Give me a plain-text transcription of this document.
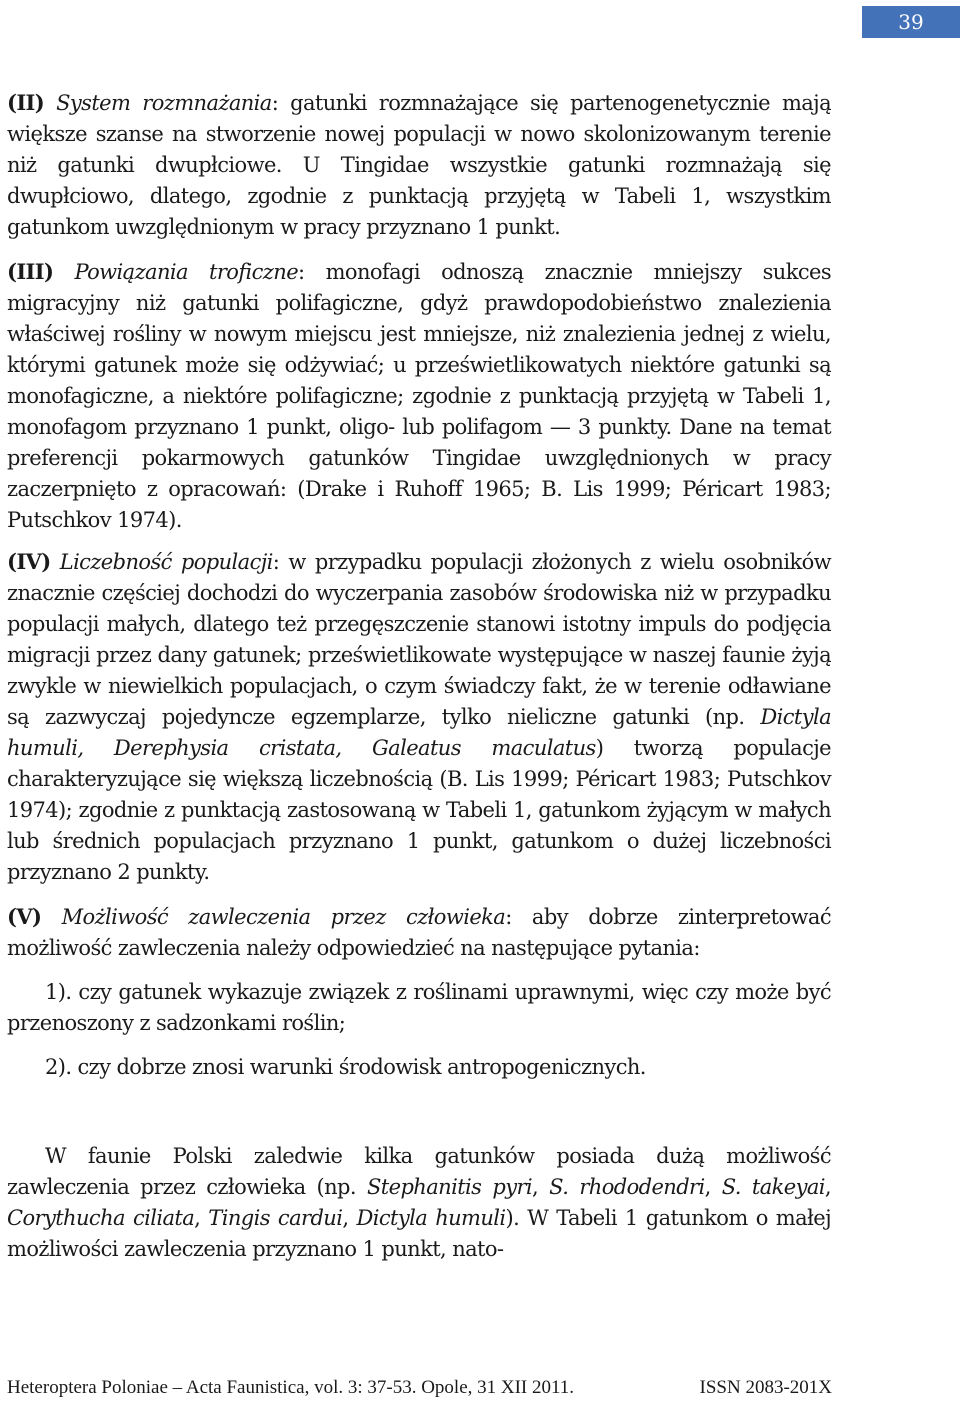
39

(II) System rozmnażania: gatunki rozmnażające się partenogenetycznie mają większe szanse na stworzenie nowej populacji w nowo skolonizowanym terenie niż gatunki dwupłciowe. U Tingidae wszystkie gatunki rozmnażają się dwupłciowo, dlatego, zgodnie z punktacją przyjętą w Tabeli 1, wszystkim gatunkom uwzględnionym w pracy przyznano 1 punkt.

(III) Powiązania troficzne: monofagi odnoszą znacznie mniejszy sukces migracyjny niż gatunki polifagiczne, gdyż prawdopodobieństwo znalezienia właściwej rośliny w nowym miejscu jest mniejsze, niż znalezienia jednej z wielu, którymi gatunek może się odżywiać; u prześwietlikowatych niektóre gatunki są monofagiczne, a niektóre polifagiczne; zgodnie z punktacją przyjętą w Tabeli 1, monofagom przyznano 1 punkt, oligo- lub polifagom — 3 punkty. Dane na temat preferencji pokarmowych gatunków Tingidae uwzględnionych w pracy zaczerpnięto z opracowań: (Drake i Ruhoff 1965; B. Lis 1999; Péricart 1983; Putschkov 1974).

(IV) Liczebność populacji: w przypadku populacji złożonych z wielu osobników znacznie częściej dochodzi do wyczerpania zasobów środowiska niż w przypadku populacji małych, dlatego też przegęszczenie stanowi istotny impuls do podjęcia migracji przez dany gatunek; prześwietlikowate występujące w naszej faunie żyją zwykle w niewielkich populacjach, o czym świadczy fakt, że w terenie odławiane są zazwyczaj pojedyncze egzemplarze, tylko nieliczne gatunki (np. Dictyla humuli, Derephysia cristata, Galeatus maculatus) tworzą populacje charakteryzujące się większą liczebnością (B. Lis 1999; Péricart 1983; Putschkov 1974); zgodnie z punktacją zastosowaną w Tabeli 1, gatunkom żyjącym w małych lub średnich populacjach przyznano 1 punkt, gatunkom o dużej liczebności przyznano 2 punkty.

(V) Możliwość zawleczenia przez człowieka: aby dobrze zinterpretować możliwość zawleczenia należy odpowiedzieć na następujące pytania:

1). czy gatunek wykazuje związek z roślinami uprawnymi, więc czy może być przenoszony z sadzonkami roślin;

2). czy dobrze znosi warunki środowisk antropogenicznych.

W faunie Polski zaledwie kilka gatunków posiada dużą możliwość zawleczenia przez człowieka (np. Stephanitis pyri, S. rhododendri, S. takeyai, Corythucha ciliata, Tingis cardui, Dictyla humuli). W Tabeli 1 gatunkom o małej możliwości zawleczenia przyznano 1 punkt, nato-

Heteroptera Poloniae – Acta Faunistica, vol. 3: 37-53. Opole, 31 XII 2011.	ISSN 2083-201X
